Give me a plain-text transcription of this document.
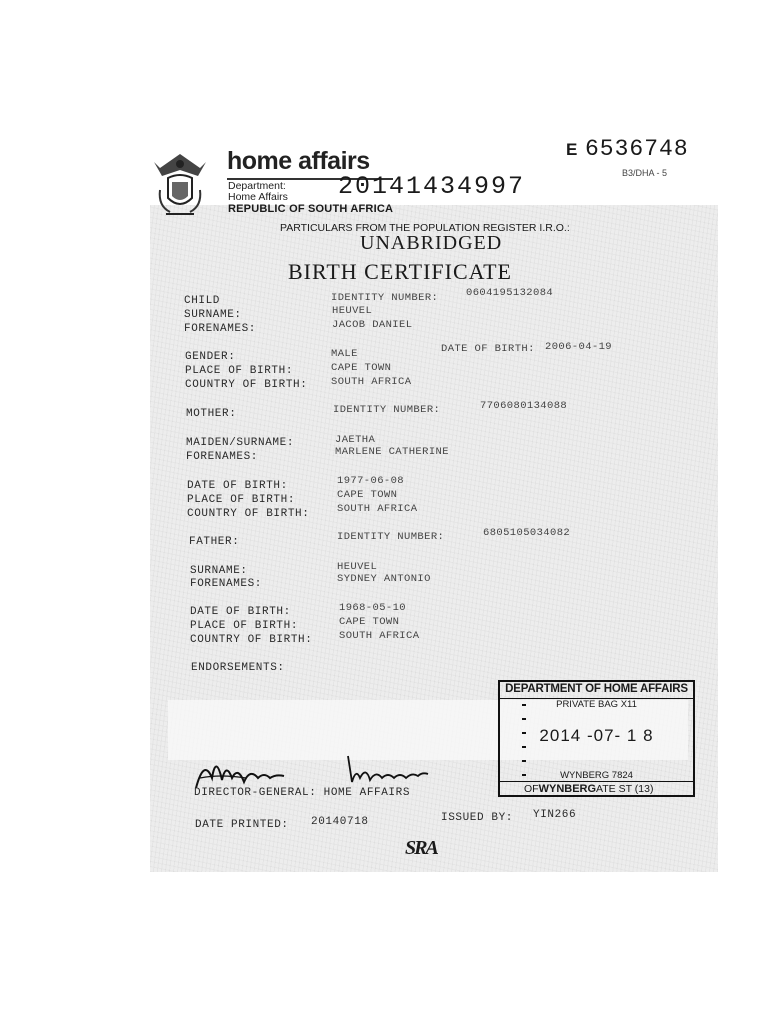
home affairs
Department:
Home Affairs
REPUBLIC OF SOUTH AFRICA
20141434997
E 6536748
B3/DHA - 5
PARTICULARS FROM THE POPULATION REGISTER I.R.O.:
UNABRIDGED
BIRTH CERTIFICATE
CHILD	IDENTITY NUMBER:	0604195132084
SURNAME:	HEUVEL
FORENAMES:	JACOB DANIEL
GENDER:	MALE	DATE OF BIRTH: 2006-04-19
PLACE OF BIRTH:	CAPE TOWN
COUNTRY OF BIRTH: SOUTH AFRICA
MOTHER:	IDENTITY NUMBER:	7706080134088
MAIDEN/SURNAME:	JAETHA
FORENAMES:	MARLENE CATHERINE
DATE OF BIRTH:	1977-06-08
PLACE OF BIRTH:	CAPE TOWN
COUNTRY OF BIRTH:	SOUTH AFRICA
FATHER:	IDENTITY NUMBER:	6805105034082
SURNAME:	HEUVEL
FORENAMES:	SYDNEY ANTONIO
DATE OF BIRTH:	1968-05-10
PLACE OF BIRTH:	CAPE TOWN
COUNTRY OF BIRTH:	SOUTH AFRICA
ENDORSEMENTS:
DEPARTMENT OF HOME AFFAIRS
PRIVATE BAG X11
2014 -07- 1 8
WYNBERG 7824
OFWYNBERGATE ST (13)
DIRECTOR-GENERAL: HOME AFFAIRS
DATE PRINTED: 20140718	ISSUED BY: YIN266
SRA
